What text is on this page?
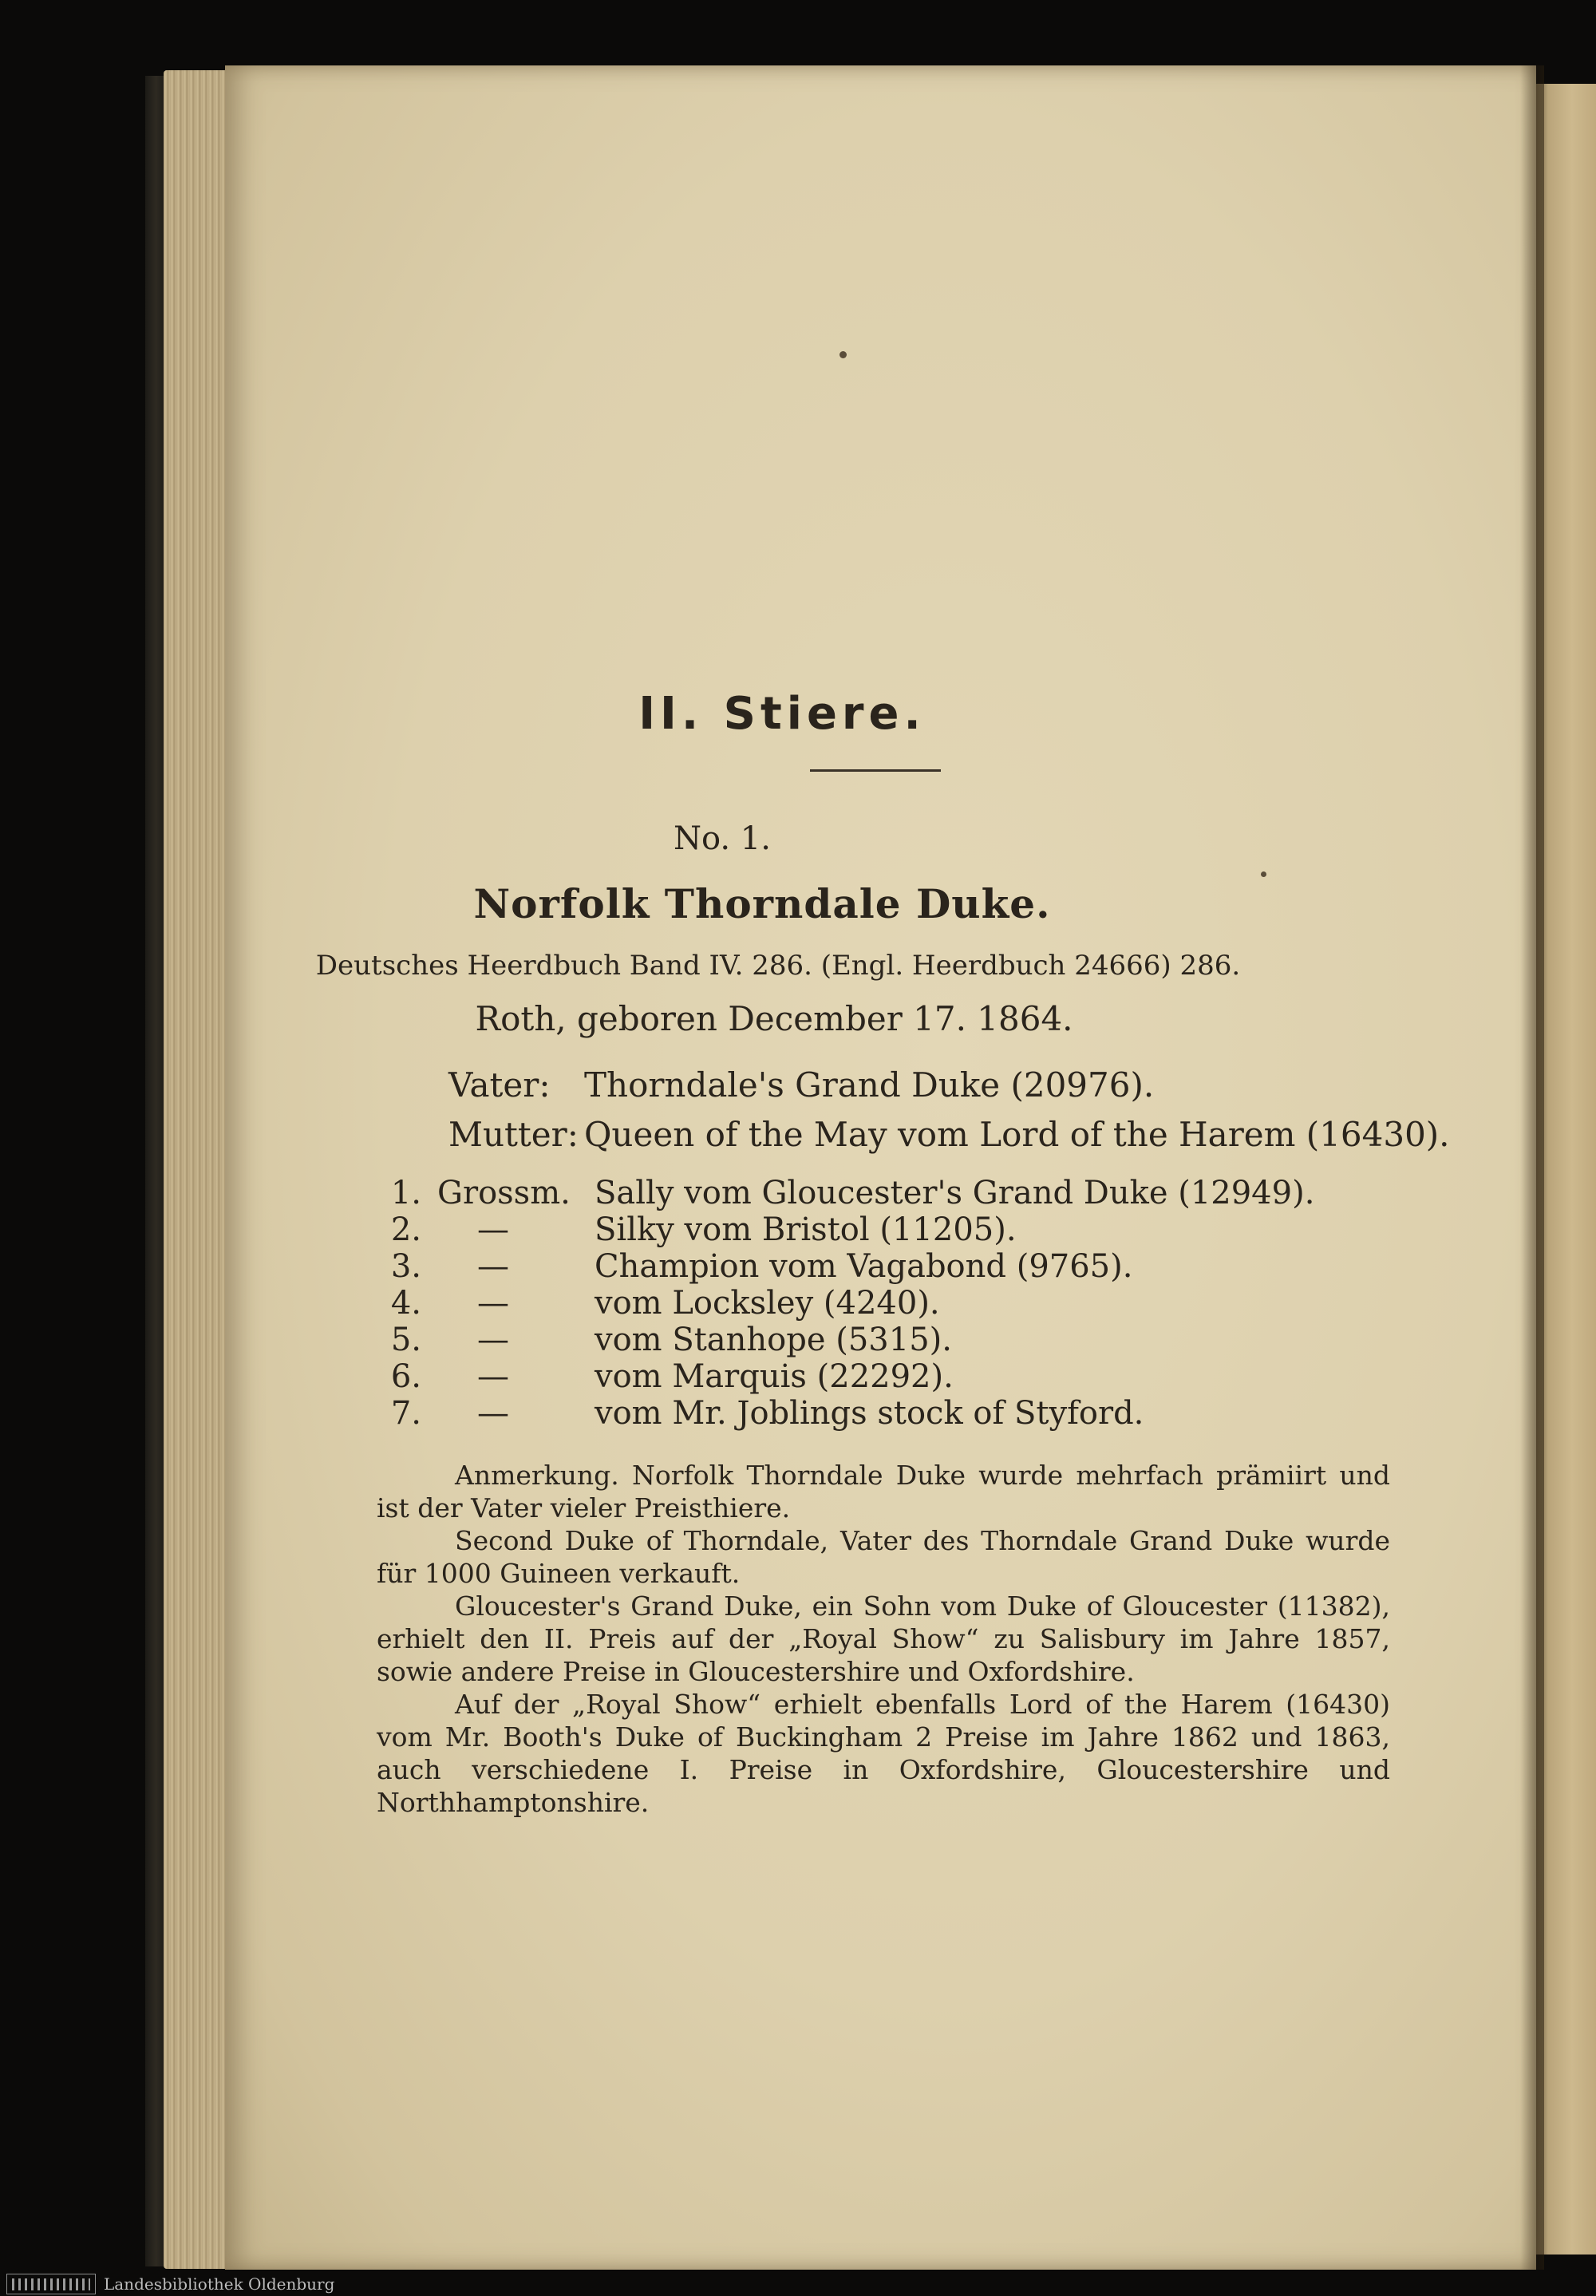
II. Stiere.
No. 1.
Norfolk Thorndale Duke.
Deutsches Heerdbuch Band IV. 286. (Engl. Heerdbuch 24666) 286.
Roth, geboren December 17. 1864.
Vater: Thorndale's Grand Duke (20976).
Mutter: Queen of the May vom Lord of the Harem (16430).
1. Grossm. Sally vom Gloucester's Grand Duke (12949).
2. —	Silky vom Bristol (11205).
3. —	Champion vom Vagabond (9765).
4. —	vom Locksley (4240).
5. —	vom Stanhope (5315).
6. —	vom Marquis (22292).
7. —	vom Mr. Joblings stock of Styford.

Anmerkung. Norfolk Thorndale Duke wurde mehrfach prämiirt und ist der Vater vieler Preisthiere.

Second Duke of Thorndale, Vater des Thorndale Grand Duke wurde für 1000 Guineen verkauft.

Gloucester's Grand Duke, ein Sohn vom Duke of Gloucester (11382), erhielt den II. Preis auf der „Royal Show“ zu Salisbury im Jahre 1857, sowie andere Preise in Gloucestershire und Oxfordshire.

Auf der „Royal Show“ erhielt ebenfalls Lord of the Harem (16430) vom Mr. Booth's Duke of Buckingham 2 Preise im Jahre 1862 und 1863, auch verschiedene I. Preise in Oxfordshire, Gloucestershire und Northhamptonshire.

Landesbibliothek Oldenburg
